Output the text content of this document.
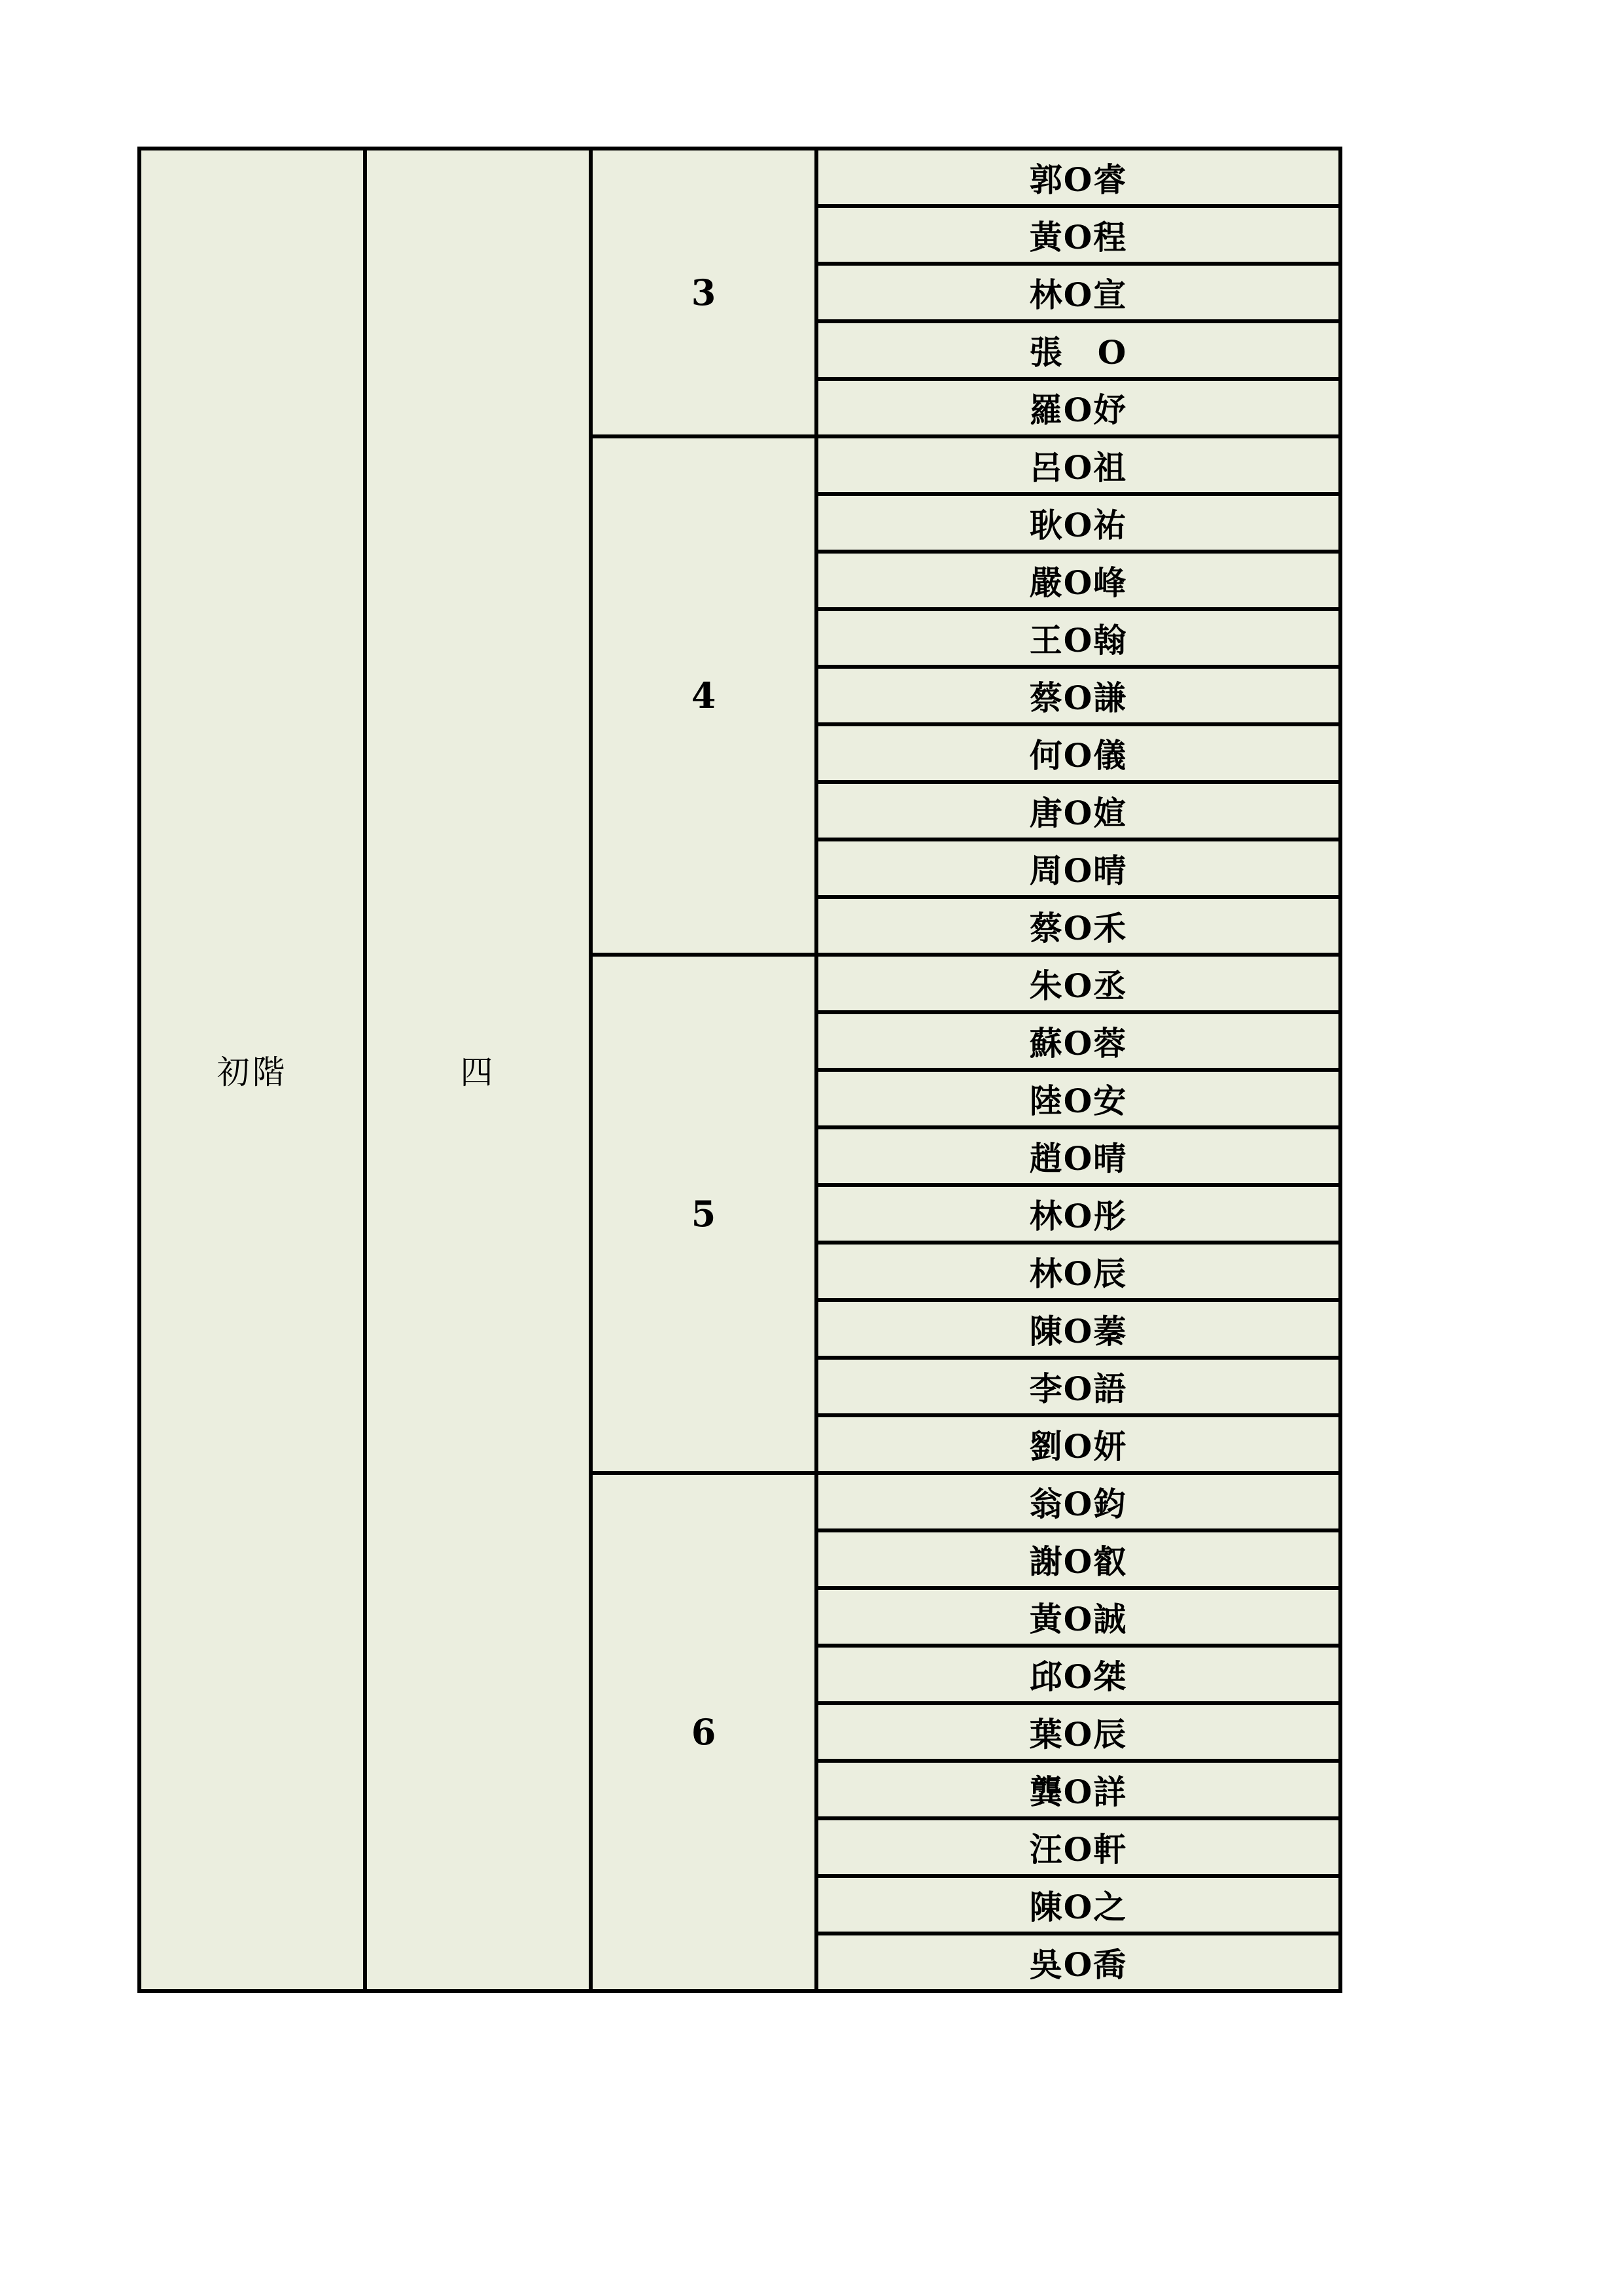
初階	四	3	郭O睿
			黃O程
			林O宣
			張　O
			羅O妤
		4	呂O祖
			耿O祐
			嚴O峰
			王O翰
			蔡O謙
			何O儀
			唐O媗
			周O晴
			蔡O禾
		5	朱O丞
			蘇O蓉
			陸O安
			趙O晴
			林O彤
			林O辰
			陳O蓁
			李O語
			劉O妍
		6	翁O鈞
			謝O叡
			黃O誠
			邱O桀
			葉O辰
			龔O詳
			汪O軒
			陳O之
			吳O喬
